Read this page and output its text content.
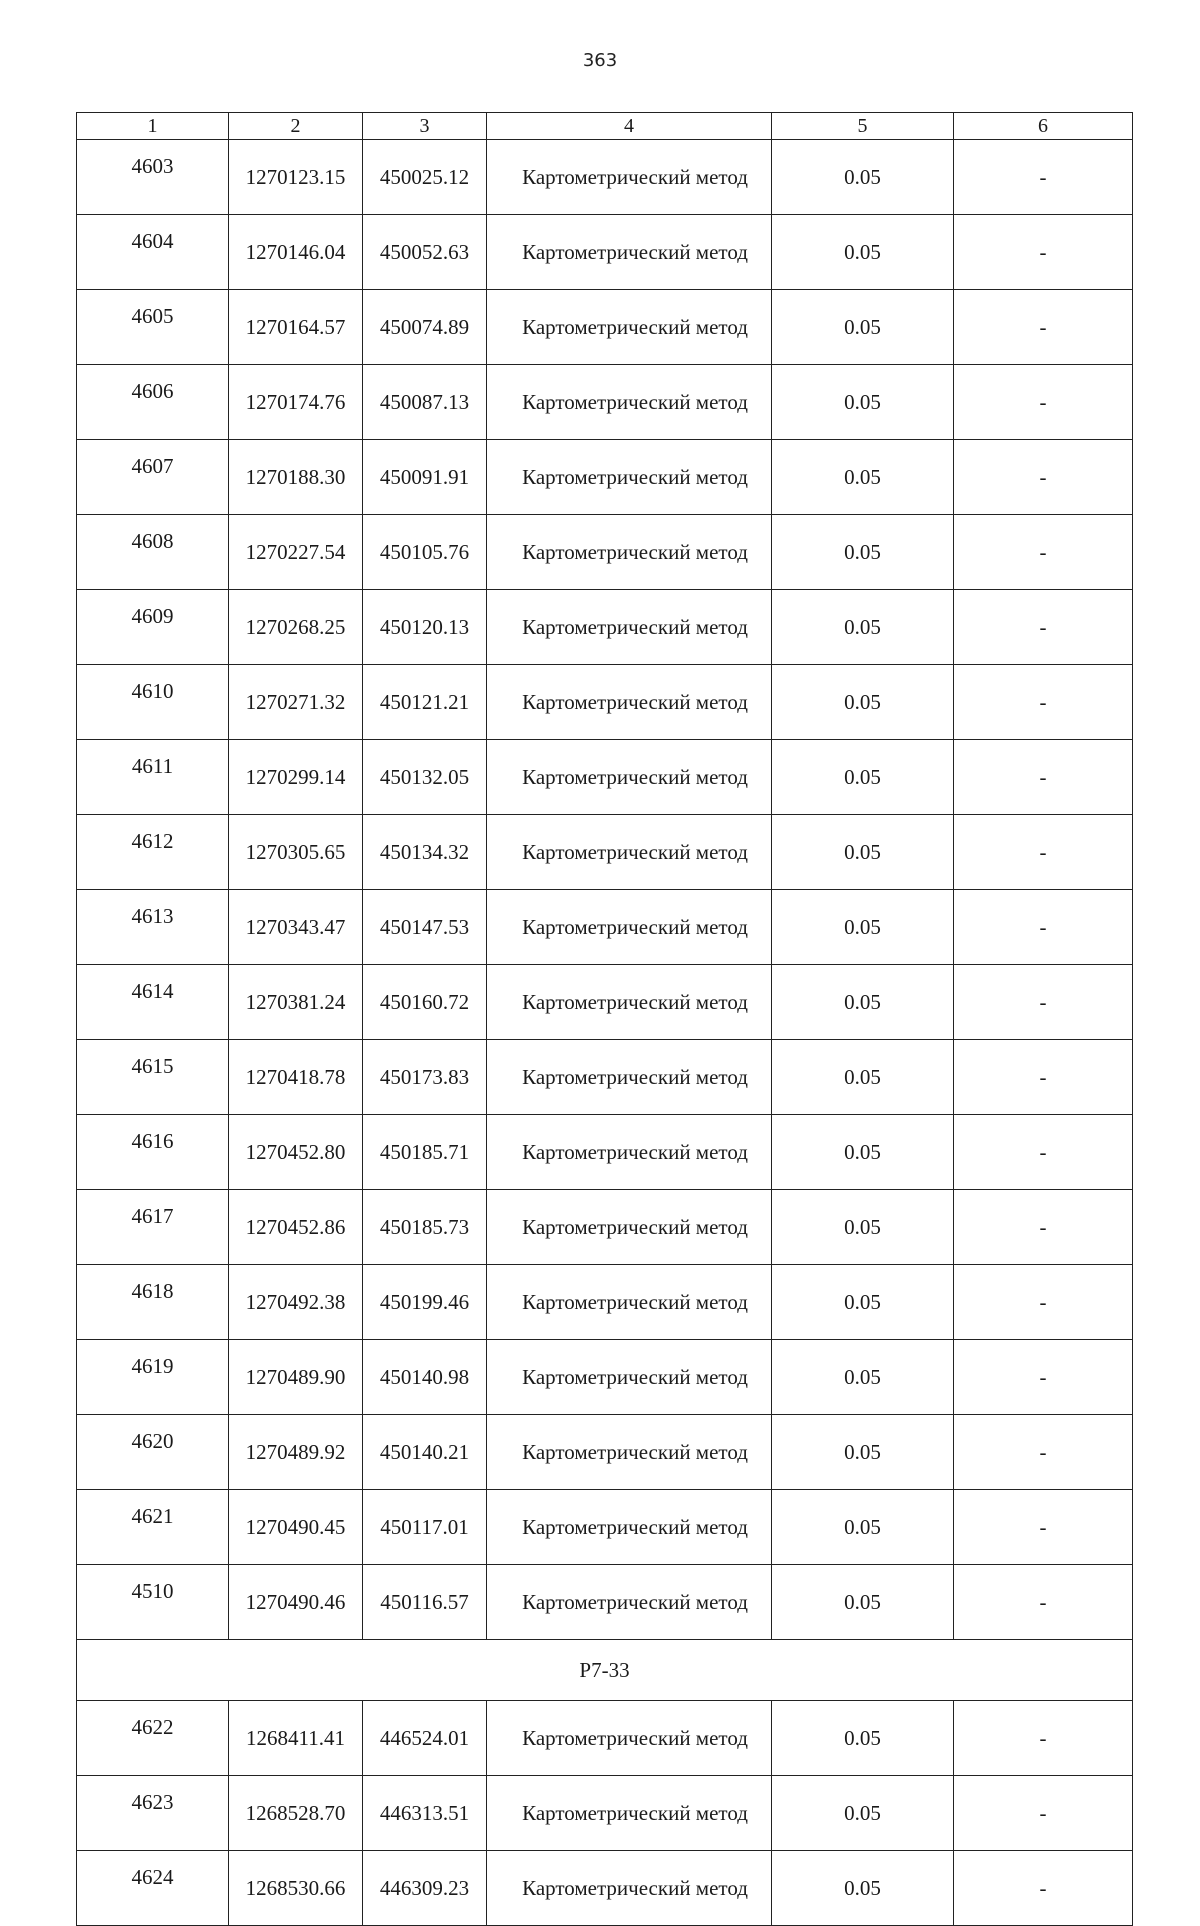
363
1	2	3	4	5	6
4603	1270123.15	450025.12	Картометрический метод	0.05	-
4604	1270146.04	450052.63	Картометрический метод	0.05	-
4605	1270164.57	450074.89	Картометрический метод	0.05	-
4606	1270174.76	450087.13	Картометрический метод	0.05	-
4607	1270188.30	450091.91	Картометрический метод	0.05	-
4608	1270227.54	450105.76	Картометрический метод	0.05	-
4609	1270268.25	450120.13	Картометрический метод	0.05	-
4610	1270271.32	450121.21	Картометрический метод	0.05	-
4611	1270299.14	450132.05	Картометрический метод	0.05	-
4612	1270305.65	450134.32	Картометрический метод	0.05	-
4613	1270343.47	450147.53	Картометрический метод	0.05	-
4614	1270381.24	450160.72	Картометрический метод	0.05	-
4615	1270418.78	450173.83	Картометрический метод	0.05	-
4616	1270452.80	450185.71	Картометрический метод	0.05	-
4617	1270452.86	450185.73	Картометрический метод	0.05	-
4618	1270492.38	450199.46	Картометрический метод	0.05	-
4619	1270489.90	450140.98	Картометрический метод	0.05	-
4620	1270489.92	450140.21	Картометрический метод	0.05	-
4621	1270490.45	450117.01	Картометрический метод	0.05	-
4510	1270490.46	450116.57	Картометрический метод	0.05	-
Р7-33					
4622	1268411.41	446524.01	Картометрический метод	0.05	-
4623	1268528.70	446313.51	Картометрический метод	0.05	-
4624	1268530.66	446309.23	Картометрический метод	0.05	-
